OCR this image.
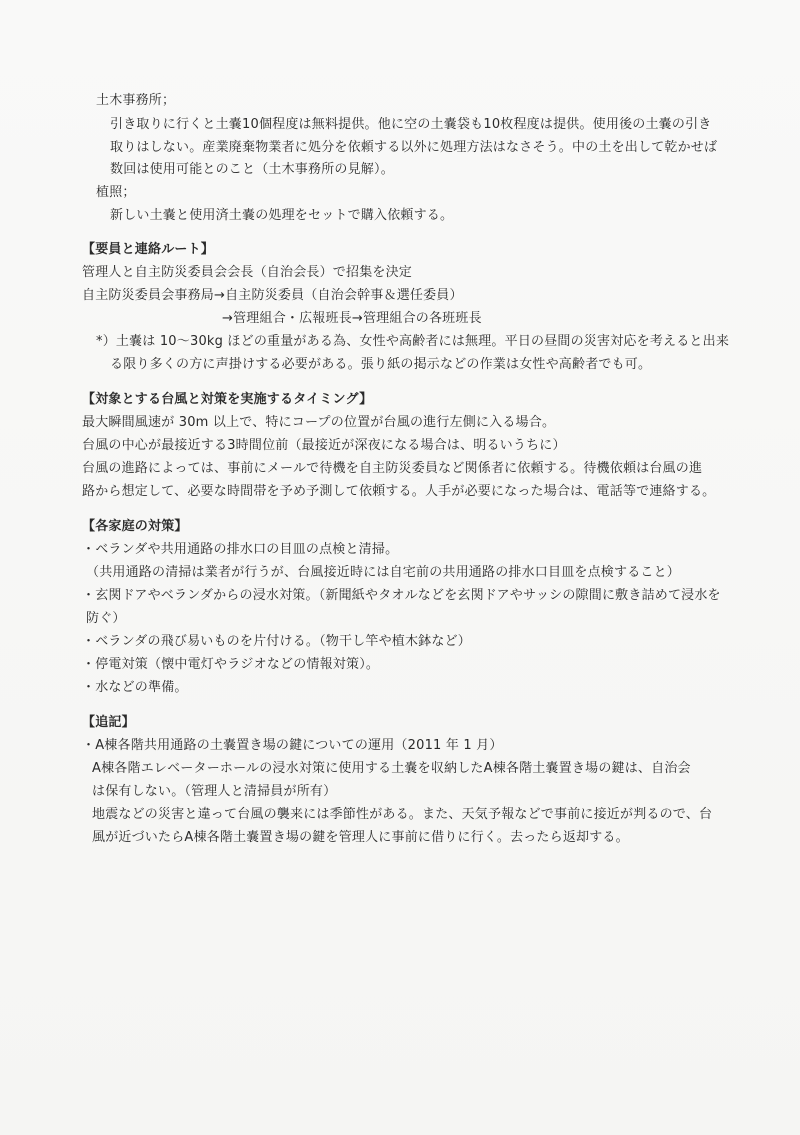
土木事務所；
引き取りに行くと土嚢10個程度は無料提供。他に空の土嚢袋も10枚程度は提供。使用後の土嚢の引き
取りはしない。産業廃棄物業者に処分を依頼する以外に処理方法はなさそう。中の土を出して乾かせば
数回は使用可能とのこと（土木事務所の見解）。
植照；
新しい土嚢と使用済土嚢の処理をセットで購入依頼する。
【要員と連絡ルート】
管理人と自主防災委員会会長（自治会長）で招集を決定
自主防災委員会事務局→自主防災委員（自治会幹事＆選任委員）
→管理組合・広報班長→管理組合の各班班長
*）土嚢は 10～30kg ほどの重量がある為、女性や高齢者には無理。平日の昼間の災害対応を考えると出来
る限り多くの方に声掛けする必要がある。張り紙の掲示などの作業は女性や高齢者でも可。
【対象とする台風と対策を実施するタイミング】
最大瞬間風速が 30m 以上で、特にコープの位置が台風の進行左側に入る場合。
台風の中心が最接近する3時間位前（最接近が深夜になる場合は、明るいうちに）
台風の進路によっては、事前にメールで待機を自主防災委員など関係者に依頼する。待機依頼は台風の進
路から想定して、必要な時間帯を予め予測して依頼する。人手が必要になった場合は、電話等で連絡する。
【各家庭の対策】
・ベランダや共用通路の排水口の目皿の点検と清掃。
（共用通路の清掃は業者が行うが、台風接近時には自宅前の共用通路の排水口目皿を点検すること）
・玄関ドアやベランダからの浸水対策。（新聞紙やタオルなどを玄関ドアやサッシの隙間に敷き詰めて浸水を
防ぐ）
・ベランダの飛び易いものを片付ける。（物干し竿や植木鉢など）
・停電対策（懐中電灯やラジオなどの情報対策）。
・水などの準備。
【追記】
・A棟各階共用通路の土嚢置き場の鍵についての運用（2011 年 1 月）
A棟各階エレベーターホールの浸水対策に使用する土嚢を収納したA棟各階土嚢置き場の鍵は、自治会
は保有しない。（管理人と清掃員が所有）
地震などの災害と違って台風の襲来には季節性がある。また、天気予報などで事前に接近が判るので、台
風が近づいたらA棟各階土嚢置き場の鍵を管理人に事前に借りに行く。去ったら返却する。
